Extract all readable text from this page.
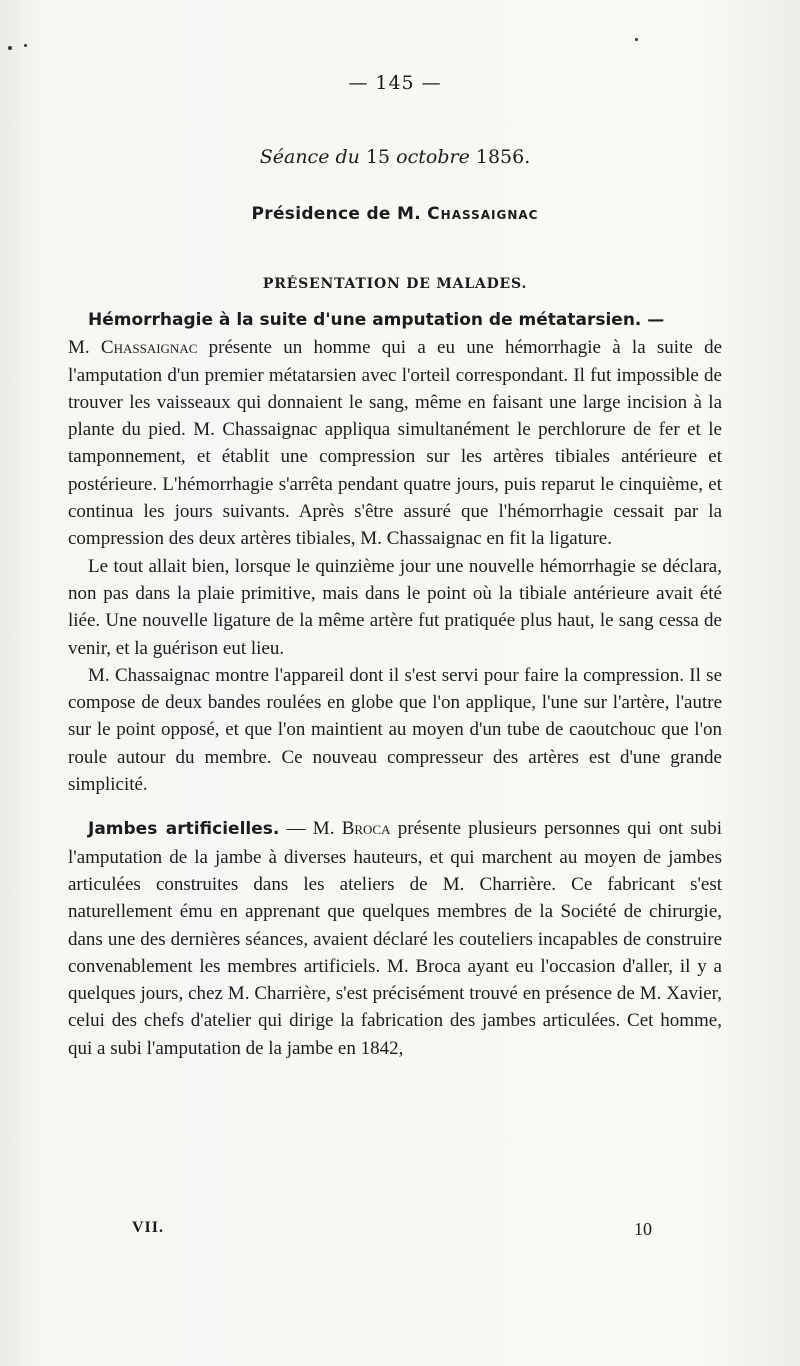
— 145 —
Séance du 15 octobre 1856.
Présidence de M. Chassaignac
PRÉSENTATION DE MALADES.

Hémorrhagie à la suite d'une amputation de métatarsien. —
M. Chassaignac présente un homme qui a eu une hémorrhagie à la suite de l'amputation d'un premier métatarsien avec l'orteil correspondant. Il fut impossible de trouver les vaisseaux qui donnaient le sang, même en faisant une large incision à la plante du pied. M. Chassaignac appliqua simultanément le perchlorure de fer et le tamponnement, et établit une compression sur les artères tibiales antérieure et postérieure. L'hémorrhagie s'arrêta pendant quatre jours, puis reparut le cinquième, et continua les jours suivants. Après s'être assuré que l'hémorrhagie cessait par la compression des deux artères tibiales, M. Chassaignac en fit la ligature.

Le tout allait bien, lorsque le quinzième jour une nouvelle hémorrhagie se déclara, non pas dans la plaie primitive, mais dans le point où la tibiale antérieure avait été liée. Une nouvelle ligature de la même artère fut pratiquée plus haut, le sang cessa de venir, et la guérison eut lieu.

M. Chassaignac montre l'appareil dont il s'est servi pour faire la compression. Il se compose de deux bandes roulées en globe que l'on applique, l'une sur l'artère, l'autre sur le point opposé, et que l'on maintient au moyen d'un tube de caoutchouc que l'on roule autour du membre. Ce nouveau compresseur des artères est d'une grande simplicité.

Jambes artificielles. — M. Broca présente plusieurs personnes qui ont subi l'amputation de la jambe à diverses hauteurs, et qui marchent au moyen de jambes articulées construites dans les ateliers de M. Charrière. Ce fabricant s'est naturellement ému en apprenant que quelques membres de la Société de chirurgie, dans une des dernières séances, avaient déclaré les couteliers incapables de construire convenablement les membres artificiels. M. Broca ayant eu l'occasion d'aller, il y a quelques jours, chez M. Charrière, s'est précisément trouvé en présence de M. Xavier, celui des chefs d'atelier qui dirige la fabrication des jambes articulées. Cet homme, qui a subi l'amputation de la jambe en 1842,

VII.	10
